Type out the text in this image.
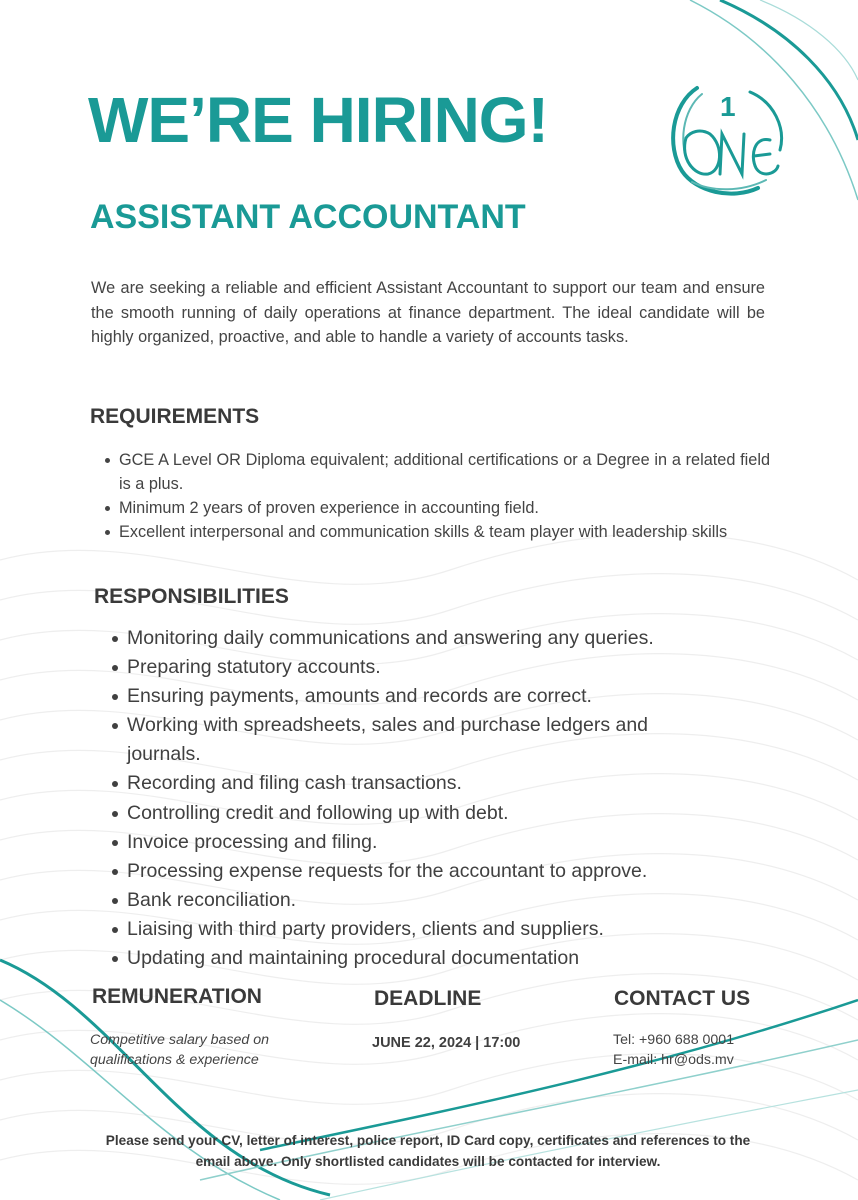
WE’RE HIRING!	1
ASSISTANT ACCOUNTANT

We are seeking a reliable and efficient Assistant Accountant to support our team and ensure the smooth running of daily operations at finance department. The ideal candidate will be highly organized, proactive, and able to handle a variety of accounts tasks.

REQUIREMENTS
GCE A Level OR Diploma equivalent; additional certifications or a Degree in a related field is a plus.
Minimum 2 years of proven experience in accounting field.
Excellent interpersonal and communication skills & team player with leadership skills
RESPONSIBILITIES
Monitoring daily communications and answering any queries.
Preparing statutory accounts.
Ensuring payments, amounts and records are correct.
Working with spreadsheets, sales and purchase ledgers and journals.
Recording and filing cash transactions.
Controlling credit and following up with debt.
Invoice processing and filing.
Processing expense requests for the accountant to approve.
Bank reconciliation.
Liaising with third party providers, clients and suppliers.
Updating and maintaining procedural documentation
REMUNERATION

Competitive salary based on qualifications & experience

DEADLINE

JUNE 22, 2024 | 17:00

CONTACT US
Tel: +960 688 0001
E-mail: hr@ods.mv

Please send your CV, letter of interest, police report, ID Card copy, certificates and references to the email above. Only shortlisted candidates will be contacted for interview.
